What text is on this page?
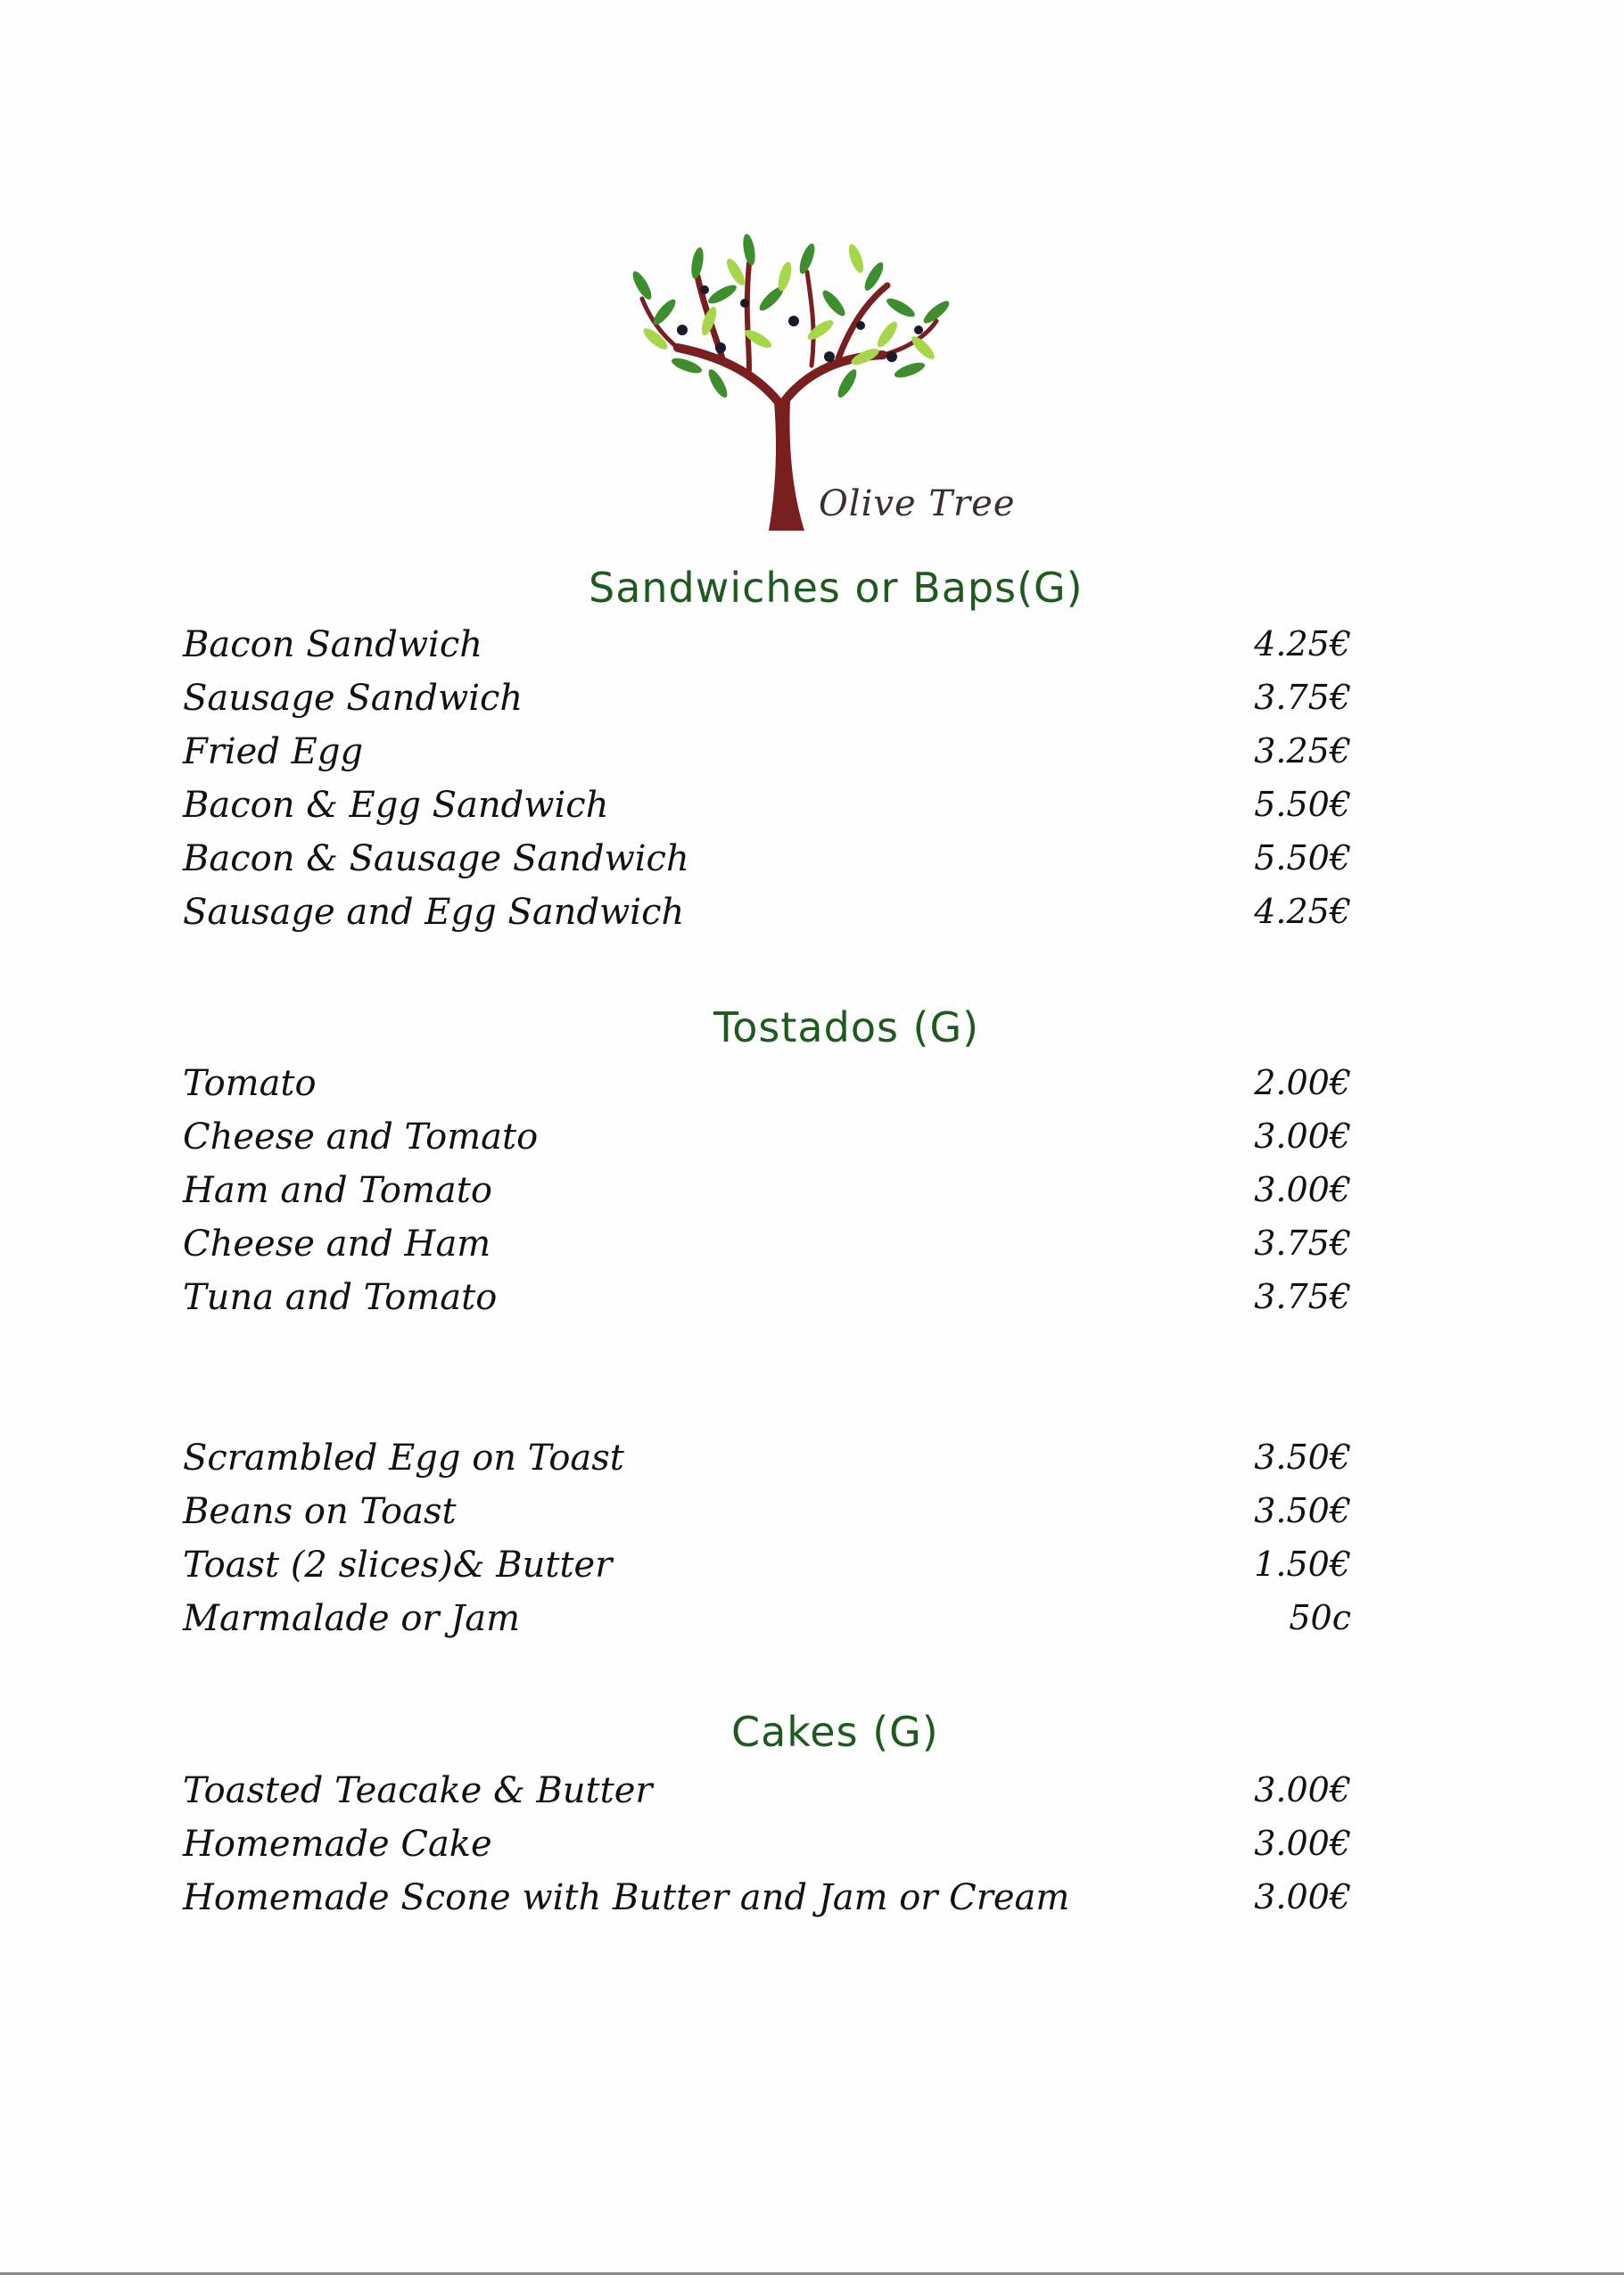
Olive Tree
Sandwiches or Baps(G)
Bacon Sandwich	4.25€
Sausage Sandwich	3.75€
Fried Egg	3.25€
Bacon & Egg Sandwich	5.50€
Bacon & Sausage Sandwich	5.50€
Sausage and Egg Sandwich	4.25€
Tostados (G)
Tomato	2.00€
Cheese and Tomato	3.00€
Ham and Tomato	3.00€
Cheese and Ham	3.75€
Tuna and Tomato	3.75€
Scrambled Egg on Toast	3.50€
Beans on Toast	3.50€
Toast (2 slices)& Butter	1.50€
Marmalade or Jam	50c
Cakes (G)
Toasted Teacake & Butter	3.00€
Homemade Cake	3.00€
Homemade Scone with Butter and Jam or Cream	3.00€
